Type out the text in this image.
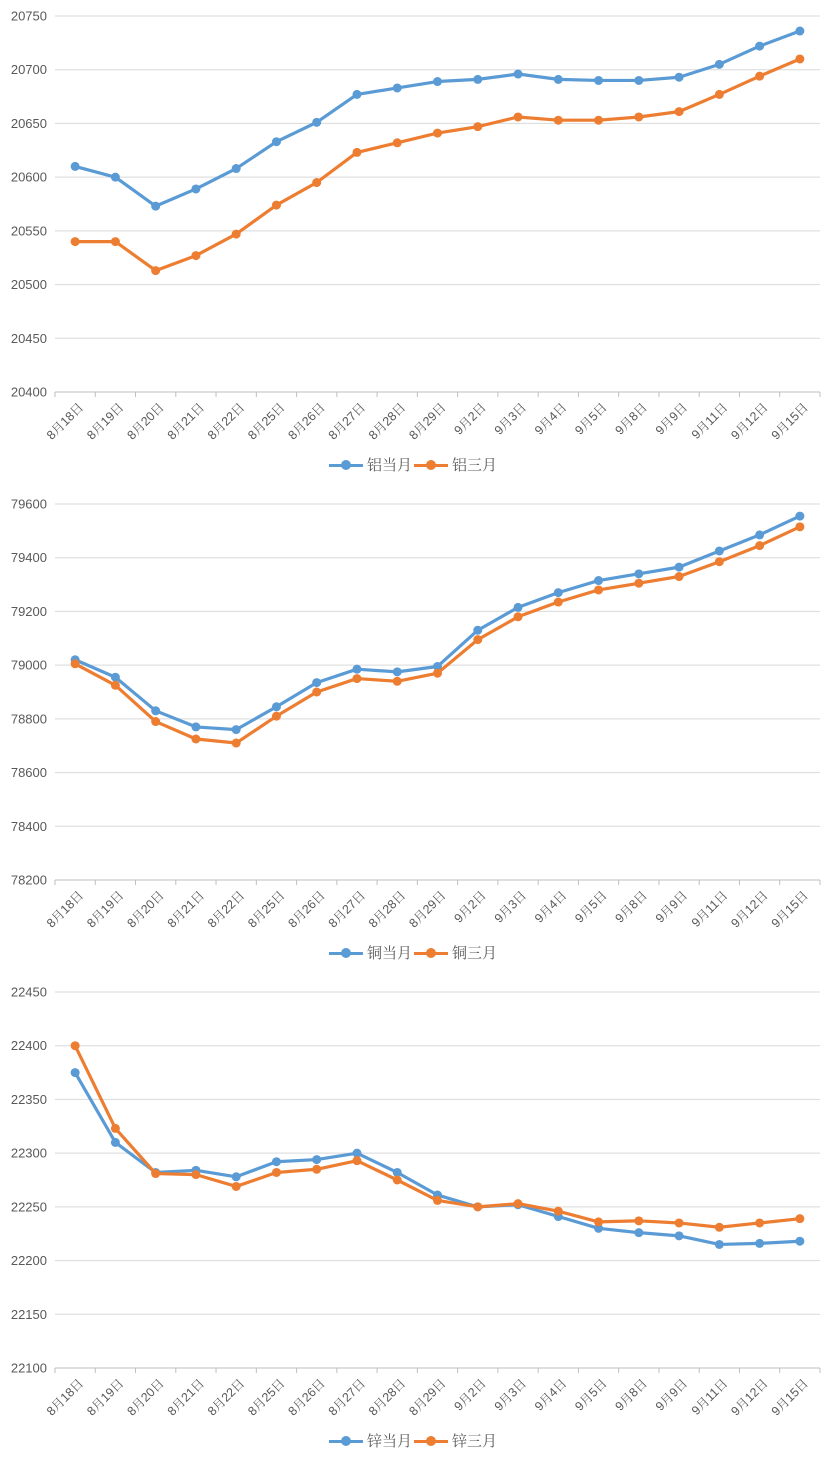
20400
20450
20500
20550
20600
20650
20700
20750
8月18日
8月19日
8月20日
8月21日
8月22日
8月25日
8月26日
8月27日
8月28日
8月29日 9月2日 9月3日 9月4日 9月5日 9月8日 9月9日
9月11日
9月12日
9月15日
铝当月	铝三月
78200
78400
78600
78800
79000
79200
79400
79600
8月18日
8月19日
8月20日
8月21日
8月22日
8月25日
8月26日
8月27日
8月28日
8月29日 9月2日 9月3日 9月4日 9月5日 9月8日 9月9日
9月11日
9月12日
9月15日
铜当月	铜三月
22100
22150
22200
22250
22300
22350
22400
22450
8月18日
8月19日
8月20日
8月21日
8月22日
8月25日
8月26日
8月27日
8月28日
8月29日 9月2日 9月3日 9月4日 9月5日 9月8日 9月9日
9月11日
9月12日
9月15日
锌当月	锌三月
